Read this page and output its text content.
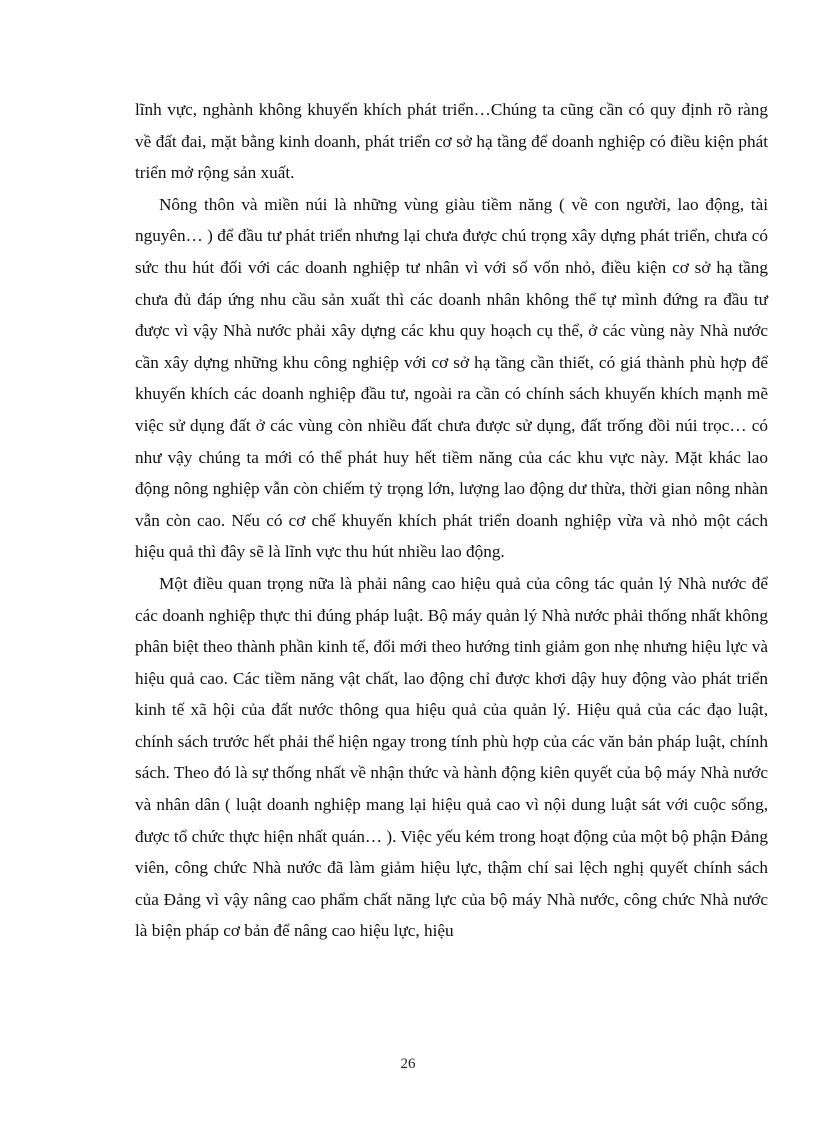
lĩnh vực, nghành không khuyến khích phát triển…Chúng ta cũng cần có quy định rõ ràng về đất đai, mặt bằng kinh doanh, phát triển cơ sở hạ tầng để doanh nghiệp có điều kiện phát triển mở rộng sản xuất.

Nông thôn và miền núi là những vùng giàu tiềm năng ( về con người, lao động, tài nguyên… ) để đầu tư phát triển nhưng lại chưa được chú trọng xây dựng phát triển, chưa có sức thu hút đối với các doanh nghiệp tư nhân vì với số vốn nhỏ, điều kiện cơ sở hạ tầng chưa đủ đáp ứng nhu cầu sản xuất thì các doanh nhân không thể tự mình đứng ra đầu tư được vì vậy Nhà nước phải xây dựng các khu quy hoạch cụ thể, ở các vùng này Nhà nước cần xây dựng những khu công nghiệp với cơ sở hạ tầng cần thiết, có giá thành phù hợp để khuyến khích các doanh nghiệp đầu tư, ngoài ra cần có chính sách khuyến khích mạnh mẽ việc sử dụng đất ở các vùng còn nhiều đất chưa được sử dụng, đất trống đồi núi trọc… có như vậy chúng ta mới có thể phát huy hết tiềm năng của các khu vực này. Mặt khác lao động nông nghiệp vẫn còn chiếm tỷ trọng lớn, lượng lao động dư thừa, thời gian nông nhàn vẫn còn cao. Nếu có cơ chế khuyến khích phát triển doanh nghiệp vừa và nhỏ một cách hiệu quả thì đây sẽ là lĩnh vực thu hút nhiều lao động.

Một điều quan trọng nữa là phải nâng cao hiệu quả của công tác quản lý Nhà nước để các doanh nghiệp thực thi đúng pháp luật. Bộ máy quản lý Nhà nước phải thống nhất không phân biệt theo thành phần kinh tế, đổi mới theo hướng tinh giảm gon nhẹ nhưng hiệu lực và hiệu quả cao. Các tiềm năng vật chất, lao động chỉ được khơi dậy huy động vào phát triển kinh tế xã hội của đất nước thông qua hiệu quả của quản lý. Hiệu quả của các đạo luật, chính sách trước hết phải thể hiện ngay trong tính phù hợp của các văn bản pháp luật, chính sách. Theo đó là sự thống nhất về nhận thức và hành động kiên quyết của bộ máy Nhà nước và nhân dân ( luật doanh nghiệp mang lại hiệu quả cao vì nội dung luật sát với cuộc sống, được tổ chức thực hiện nhất quán… ). Việc yếu kém trong hoạt động của một bộ phận Đảng viên, công chức Nhà nước đã làm giảm hiệu lực, thậm chí sai lệch nghị quyết chính sách của Đảng vì vậy nâng cao phẩm chất năng lực của bộ máy Nhà nước, công chức Nhà nước là biện pháp cơ bản để nâng cao hiệu lực, hiệu

26
